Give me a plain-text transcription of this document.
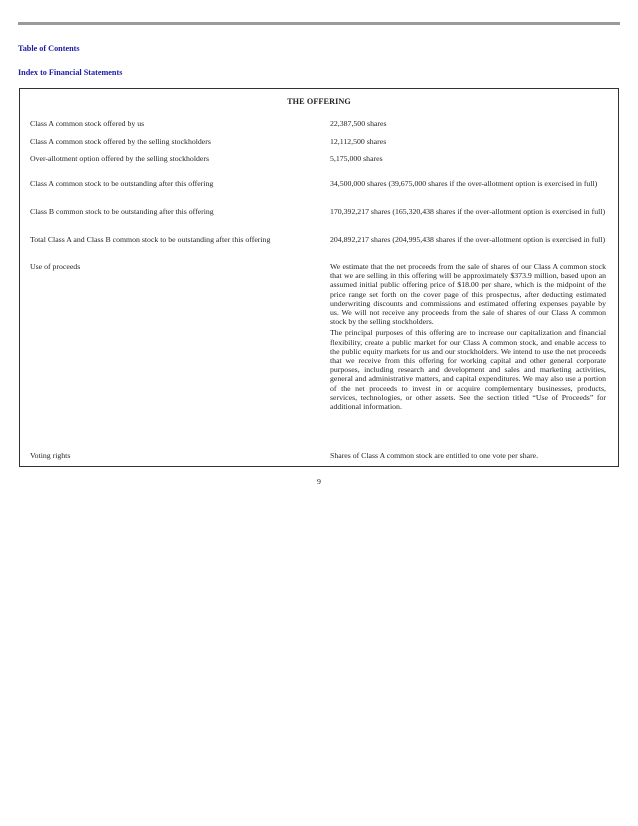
Table of Contents
Index to Financial Statements
THE OFFERING
Class A common stock offered by us	22,387,500 shares
Class A common stock offered by the selling stockholders	12,112,500 shares
Over-allotment option offered by the selling stockholders	5,175,000 shares
Class A common stock to be outstanding after this offering	34,500,000 shares (39,675,000 shares if the over-allotment option is exercised in full)
Class B common stock to be outstanding after this offering	170,392,217 shares (165,320,438 shares if the over-allotment option is exercised in full)
Total Class A and Class B common stock to be outstanding after this offering	204,892,217 shares (204,995,438 shares if the over-allotment option is exercised in full)
Use of proceeds	We estimate that the net proceeds from the sale of shares of our Class A common stock that we are selling in this offering will be approximately $373.9 million, based upon an assumed initial public offering price of $18.00 per share, which is the midpoint of the price range set forth on the cover page of this prospectus, after deducting estimated underwriting discounts and commissions and estimated offering expenses payable by us. We will not receive any proceeds from the sale of shares of our Class A common stock by the selling stockholders.

The principal purposes of this offering are to increase our capitalization and financial flexibility, create a public market for our Class A common stock, and enable access to the public equity markets for us and our stockholders. We intend to use the net proceeds that we receive from this offering for working capital and other general corporate purposes, including research and development and sales and marketing activities, general and administrative matters, and capital expenditures. We may also use a portion of the net proceeds to invest in or acquire complementary businesses, products, services, technologies, or other assets. See the section titled “Use of Proceeds” for additional information.

Voting rights	Shares of Class A common stock are entitled to one vote per share.
9
